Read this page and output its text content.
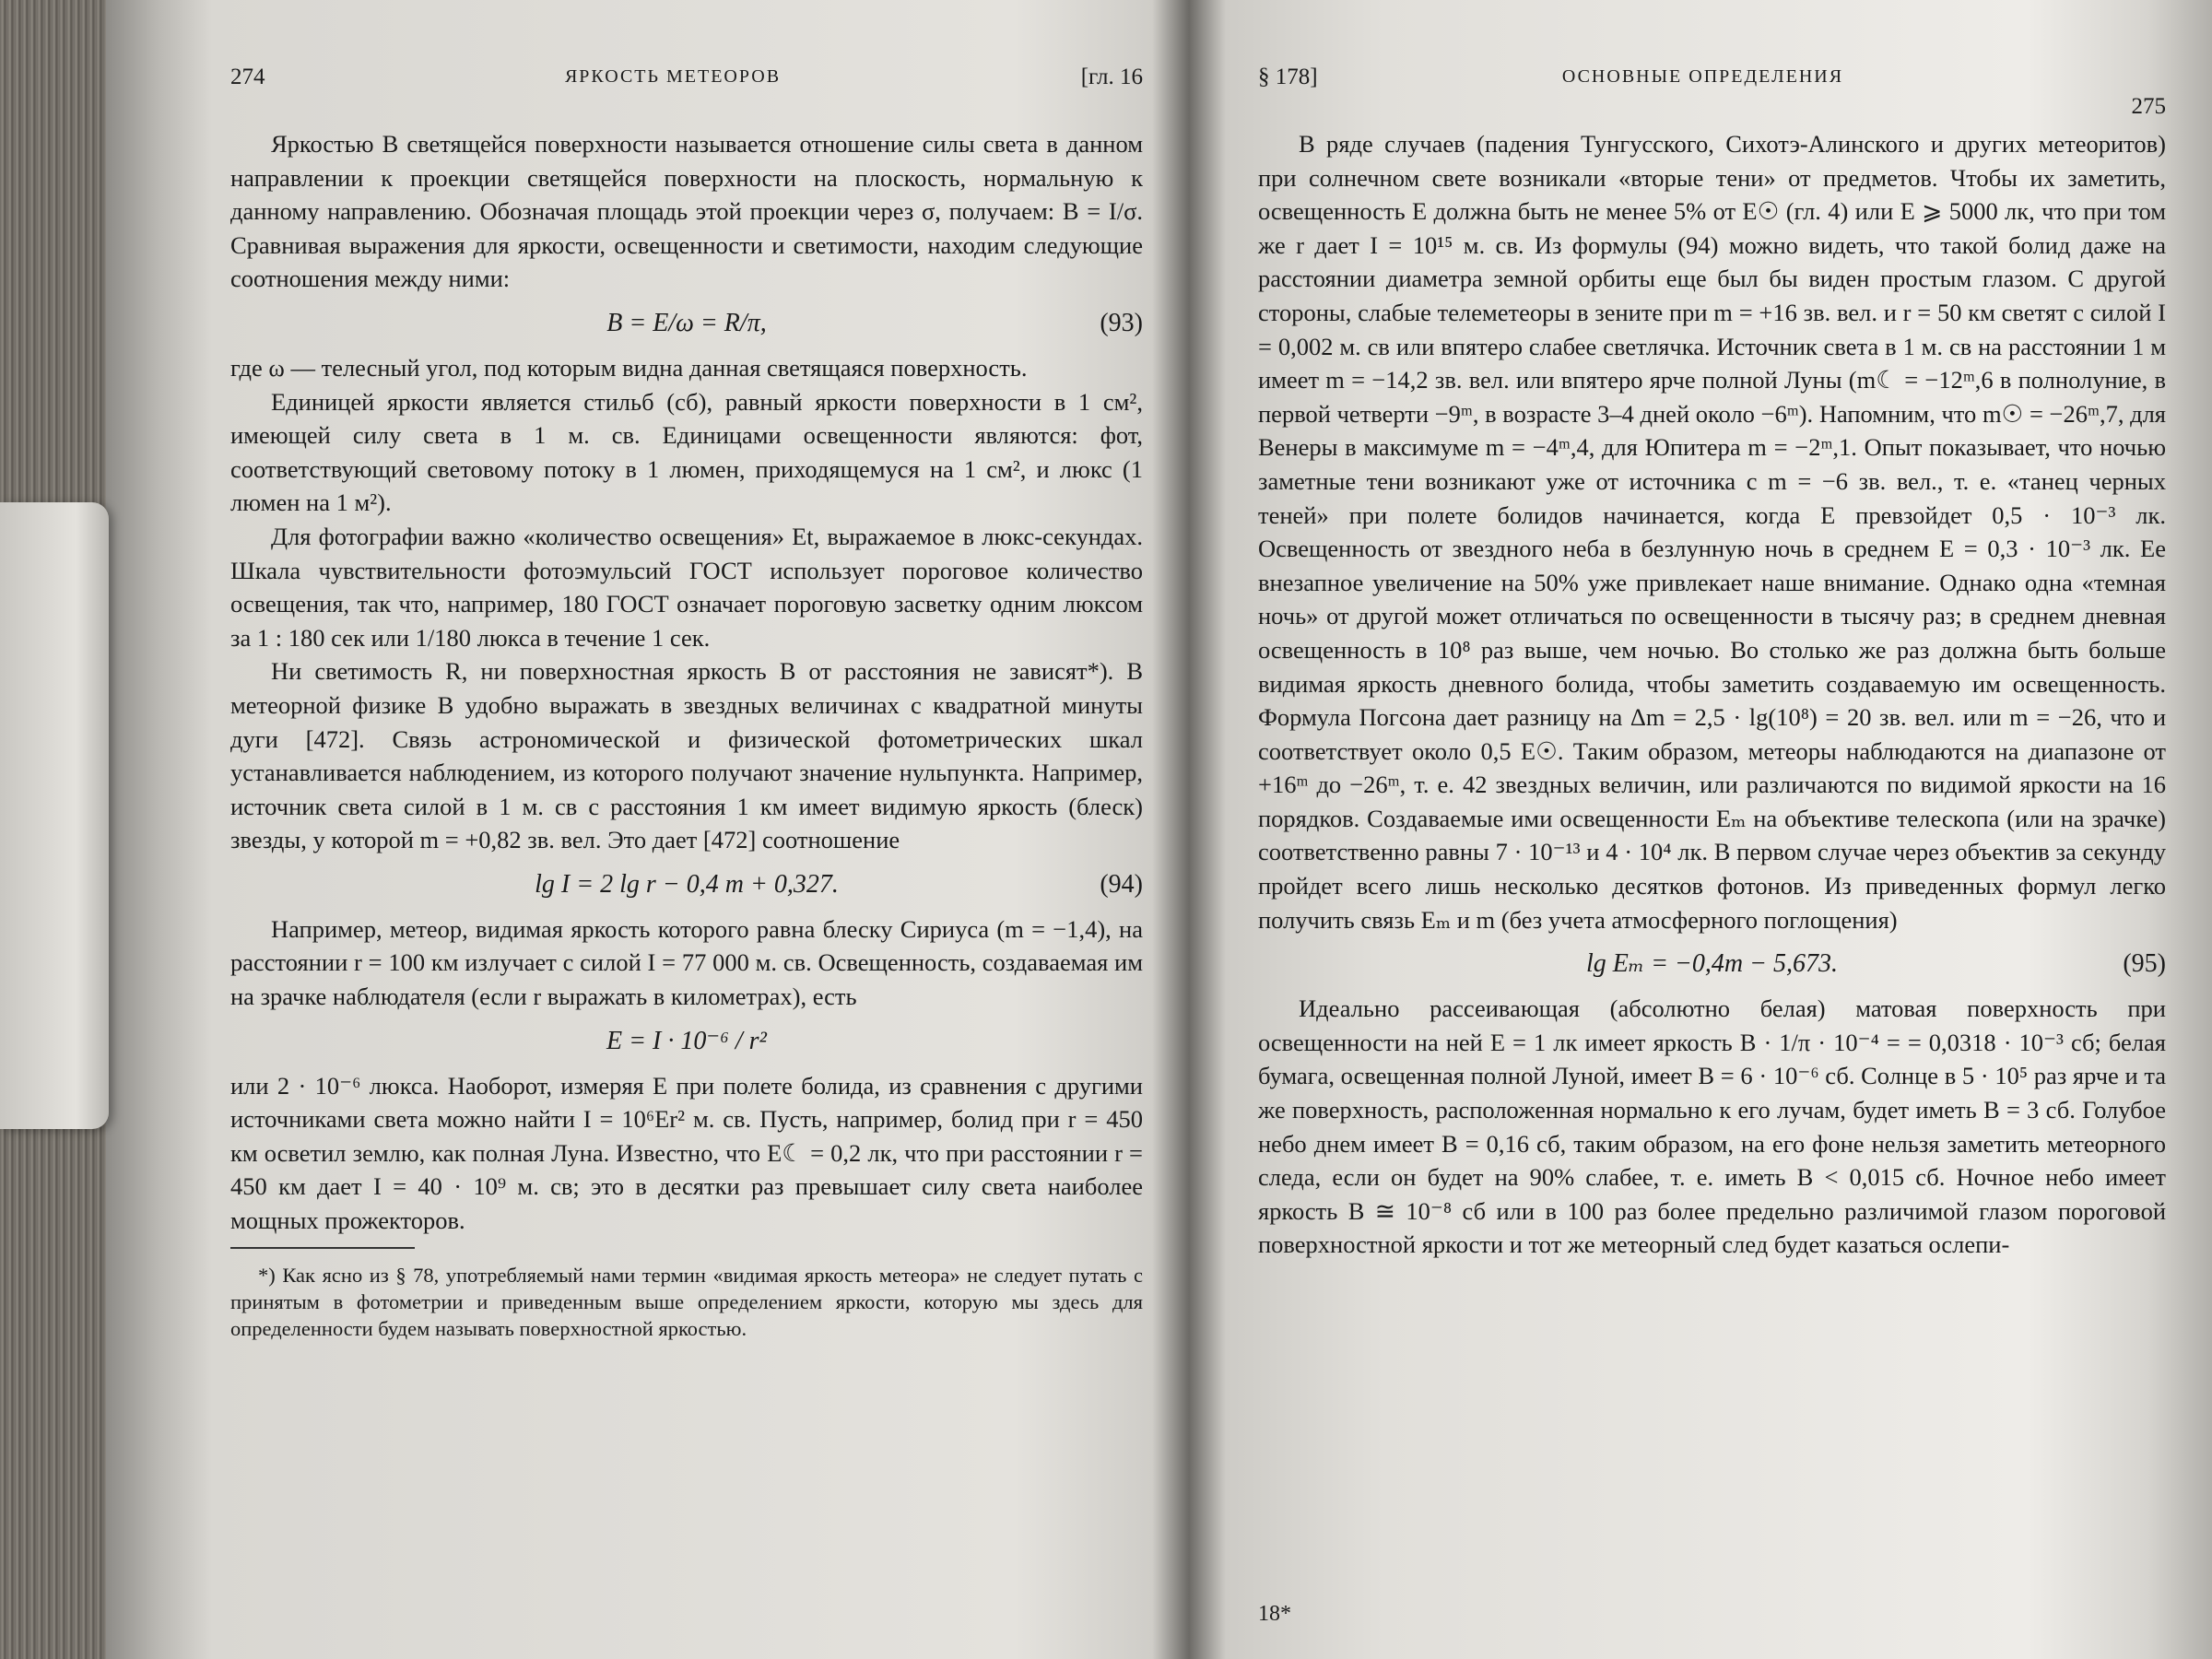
274	ЯРКОСТЬ МЕТЕОРОВ	[гл. 16

Яркостью B светящейся поверхности называется отношение силы света в данном направлении к проекции светящейся поверхности на плоскость, нормальную к данному направлению. Обозначая площадь этой проекции через σ, получаем: B = I/σ. Сравнивая выражения для яркости, освещенности и светимости, находим следующие соотношения между ними:

B = E/ω = R/π,	(93)

где ω — телесный угол, под которым видна данная светящаяся поверхность.

Единицей яркости является стильб (сб), равный яркости поверхности в 1 см², имеющей силу света в 1 м. св. Единицами освещенности являются: фот, соответствующий световому потоку в 1 люмен, приходящемуся на 1 см², и люкс (1 люмен на 1 м²).

Для фотографии важно «количество освещения» Et, выражаемое в люкс-секундах. Шкала чувствительности фотоэмульсий ГОСТ использует пороговое количество освещения, так что, например, 180 ГОСТ означает пороговую засветку одним люксом за 1 : 180 сек или 1/180 люкса в течение 1 сек.

Ни светимость R, ни поверхностная яркость B от расстояния не зависят*). В метеорной физике B удобно выражать в звездных величинах с квадратной минуты дуги [472]. Связь астрономической и физической фотометрических шкал устанавливается наблюдением, из которого получают значение нульпункта. Например, источник света силой в 1 м. св с расстояния 1 км имеет видимую яркость (блеск) звезды, у которой m = +0,82 зв. вел. Это дает [472] соотношение

lg I = 2 lg r − 0,4 m + 0,327.	(94)

Например, метеор, видимая яркость которого равна блеску Сириуса (m = −1,4), на расстоянии r = 100 км излучает с силой I = 77 000 м. св. Освещенность, создаваемая им на зрачке наблюдателя (если r выражать в километрах), есть

E = I · 10⁻⁶ / r²

или 2 · 10⁻⁶ люкса. Наоборот, измеряя E при полете болида, из сравнения с другими источниками света можно найти I = 10⁶Er² м. св. Пусть, например, болид при r = 450 км осветил землю, как полная Луна. Известно, что E☾ = 0,2 лк, что при расстоянии r = 450 км дает I = 40 · 10⁹ м. св; это в десятки раз превышает силу света наиболее мощных прожекторов.

*) Как ясно из § 78, употребляемый нами термин «видимая яркость метеора» не следует путать с принятым в фотометрии и приведенным выше определением яркости, которую мы здесь для определенности будем называть поверхностной яркостью.
§ 178]	ОСНОВНЫЕ ОПРЕДЕЛЕНИЯ
275

В ряде случаев (падения Тунгусского, Сихотэ-Алинского и других метеоритов) при солнечном свете возникали «вторые тени» от предметов. Чтобы их заметить, освещенность E должна быть не менее 5% от E☉ (гл. 4) или E ⩾ 5000 лк, что при том же r дает I = 10¹⁵ м. св. Из формулы (94) можно видеть, что такой болид даже на расстоянии диаметра земной орбиты еще был бы виден простым глазом. С другой стороны, слабые телеметеоры в зените при m = +16 зв. вел. и r = 50 км светят с силой I = 0,002 м. св или впятеро слабее светлячка. Источник света в 1 м. св на расстоянии 1 м имеет m = −14,2 зв. вел. или впятеро ярче полной Луны (m☾ = −12ᵐ,6 в полнолуние, в первой четверти −9ᵐ, в возрасте 3–4 дней около −6ᵐ). Напомним, что m☉ = −26ᵐ,7, для Венеры в максимуме m = −4ᵐ,4, для Юпитера m = −2ᵐ,1. Опыт показывает, что ночью заметные тени возникают уже от источника с m = −6 зв. вел., т. е. «танец черных теней» при полете болидов начинается, когда E превзойдет 0,5 · 10⁻³ лк. Освещенность от звездного неба в безлунную ночь в среднем E = 0,3 · 10⁻³ лк. Ее внезапное увеличение на 50% уже привлекает наше внимание. Однако одна «темная ночь» от другой может отличаться по освещенности в тысячу раз; в среднем дневная освещенность в 10⁸ раз выше, чем ночью. Во столько же раз должна быть больше видимая яркость дневного болида, чтобы заметить создаваемую им освещенность. Формула Погсона дает разницу на Δm = 2,5 · lg(10⁸) = 20 зв. вел. или m = −26, что и соответствует около 0,5 E☉. Таким образом, метеоры наблюдаются на диапазоне от +16ᵐ до −26ᵐ, т. е. 42 звездных величин, или различаются по видимой яркости на 16 порядков. Создаваемые ими освещенности Eₘ на объективе телескопа (или на зрачке) соответственно равны 7 · 10⁻¹³ и 4 · 10⁴ лк. В первом случае через объектив за секунду пройдет всего лишь несколько десятков фотонов. Из приведенных формул легко получить связь Eₘ и m (без учета атмосферного поглощения)

lg Eₘ = −0,4m − 5,673.	(95)

Идеально рассеивающая (абсолютно белая) матовая поверхность при освещенности на ней E = 1 лк имеет яркость B · 1/π · 10⁻⁴ = = 0,0318 · 10⁻³ сб; белая бумага, освещенная полной Луной, имеет B = 6 · 10⁻⁶ сб. Солнце в 5 · 10⁵ раз ярче и та же поверхность, расположенная нормально к его лучам, будет иметь B = 3 сб. Голубое небо днем имеет B = 0,16 сб, таким образом, на его фоне нельзя заметить метеорного следа, если он будет на 90% слабее, т. е. иметь B < 0,015 сб. Ночное небо имеет яркость B ≅ 10⁻⁸ сб или в 100 раз более предельно различимой глазом пороговой поверхностной яркости и тот же метеорный след будет казаться ослепи-

18*
